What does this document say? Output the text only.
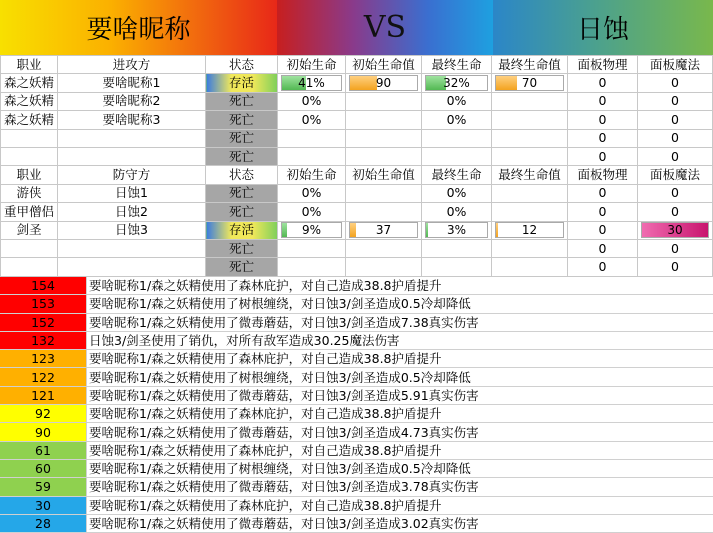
要啥昵称	VS	日蚀
职业	进攻方	状态	初始生命	初始生命值	最终生命	最终生命值	面板物理	面板魔法
森之妖精	要啥昵称1	存活	41%	90	32%	70	0	0
森之妖精	要啥昵称2	死亡	0%		0%		0	0
森之妖精	要啥昵称3	死亡	0%		0%		0	0
		死亡					0	0
		死亡					0	0
职业	防守方	状态	初始生命	初始生命值	最终生命	最终生命值	面板物理	面板魔法
游侠	日蚀1	死亡	0%		0%		0	0
重甲僧侣	日蚀2	死亡	0%		0%		0	0
剑圣	日蚀3	存活	9%	37	3%	12	0	30

		死亡					0	0
		死亡					0	0
154	要啥昵称1/森之妖精使用了森林庇护，对自己造成38.8护盾提升
153	要啥昵称1/森之妖精使用了树根缠绕，对日蚀3/剑圣造成0.5冷却降低
152	要啥昵称1/森之妖精使用了微毒蘑菇，对日蚀3/剑圣造成7.38真实伤害
132	日蚀3/剑圣使用了销仇，对所有敌军造成30.25魔法伤害
123	要啥昵称1/森之妖精使用了森林庇护，对自己造成38.8护盾提升
122	要啥昵称1/森之妖精使用了树根缠绕，对日蚀3/剑圣造成0.5冷却降低
121	要啥昵称1/森之妖精使用了微毒蘑菇，对日蚀3/剑圣造成5.91真实伤害
92	要啥昵称1/森之妖精使用了森林庇护，对自己造成38.8护盾提升
90	要啥昵称1/森之妖精使用了微毒蘑菇，对日蚀3/剑圣造成4.73真实伤害
61	要啥昵称1/森之妖精使用了森林庇护，对自己造成38.8护盾提升
60	要啥昵称1/森之妖精使用了树根缠绕，对日蚀3/剑圣造成0.5冷却降低
59	要啥昵称1/森之妖精使用了微毒蘑菇，对日蚀3/剑圣造成3.78真实伤害
30	要啥昵称1/森之妖精使用了森林庇护，对自己造成38.8护盾提升
28	要啥昵称1/森之妖精使用了微毒蘑菇，对日蚀3/剑圣造成3.02真实伤害
